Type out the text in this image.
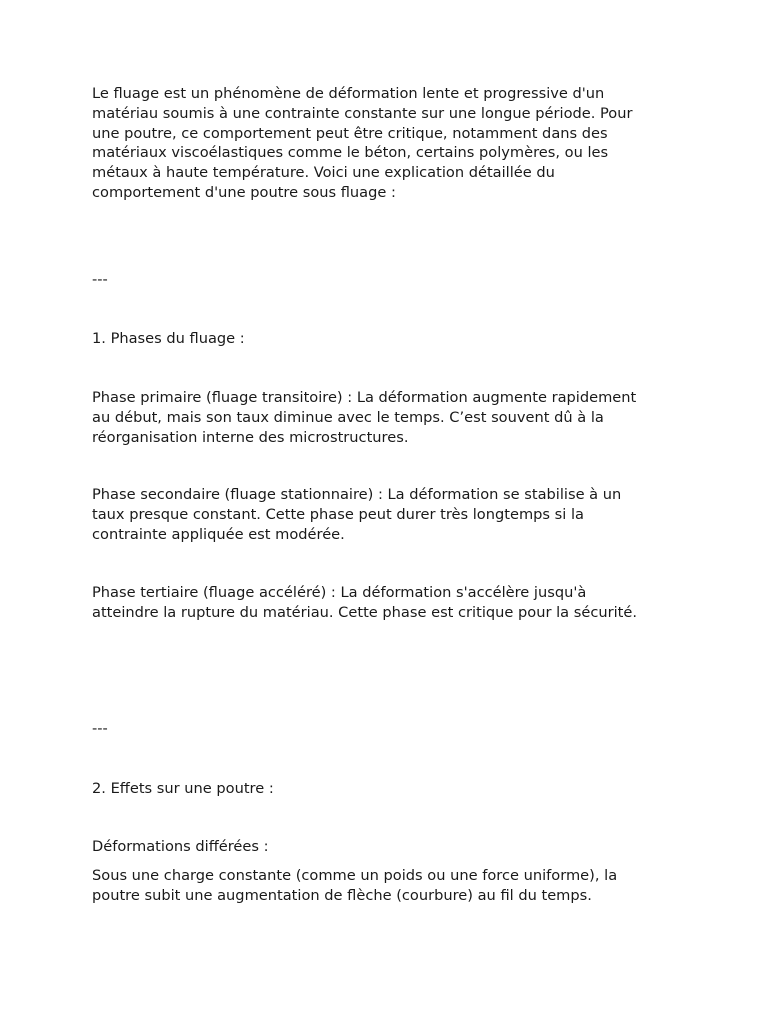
Le fluage est un phénomène de déformation lente et progressive d'un
matériau soumis à une contrainte constante sur une longue période. Pour
une poutre, ce comportement peut être critique, notamment dans des
matériaux viscoélastiques comme le béton, certains polymères, ou les
métaux à haute température. Voici une explication détaillée du
comportement d'une poutre sous fluage :

---

1. Phases du fluage :

Phase primaire (fluage transitoire) : La déformation augmente rapidement
au début, mais son taux diminue avec le temps. C’est souvent dû à la
réorganisation interne des microstructures.

Phase secondaire (fluage stationnaire) : La déformation se stabilise à un
taux presque constant. Cette phase peut durer très longtemps si la
contrainte appliquée est modérée.

Phase tertiaire (fluage accéléré) : La déformation s'accélère jusqu'à
atteindre la rupture du matériau. Cette phase est critique pour la sécurité.

---

2. Effets sur une poutre :

Déformations différées :

Sous une charge constante (comme un poids ou une force uniforme), la
poutre subit une augmentation de flèche (courbure) au fil du temps.
